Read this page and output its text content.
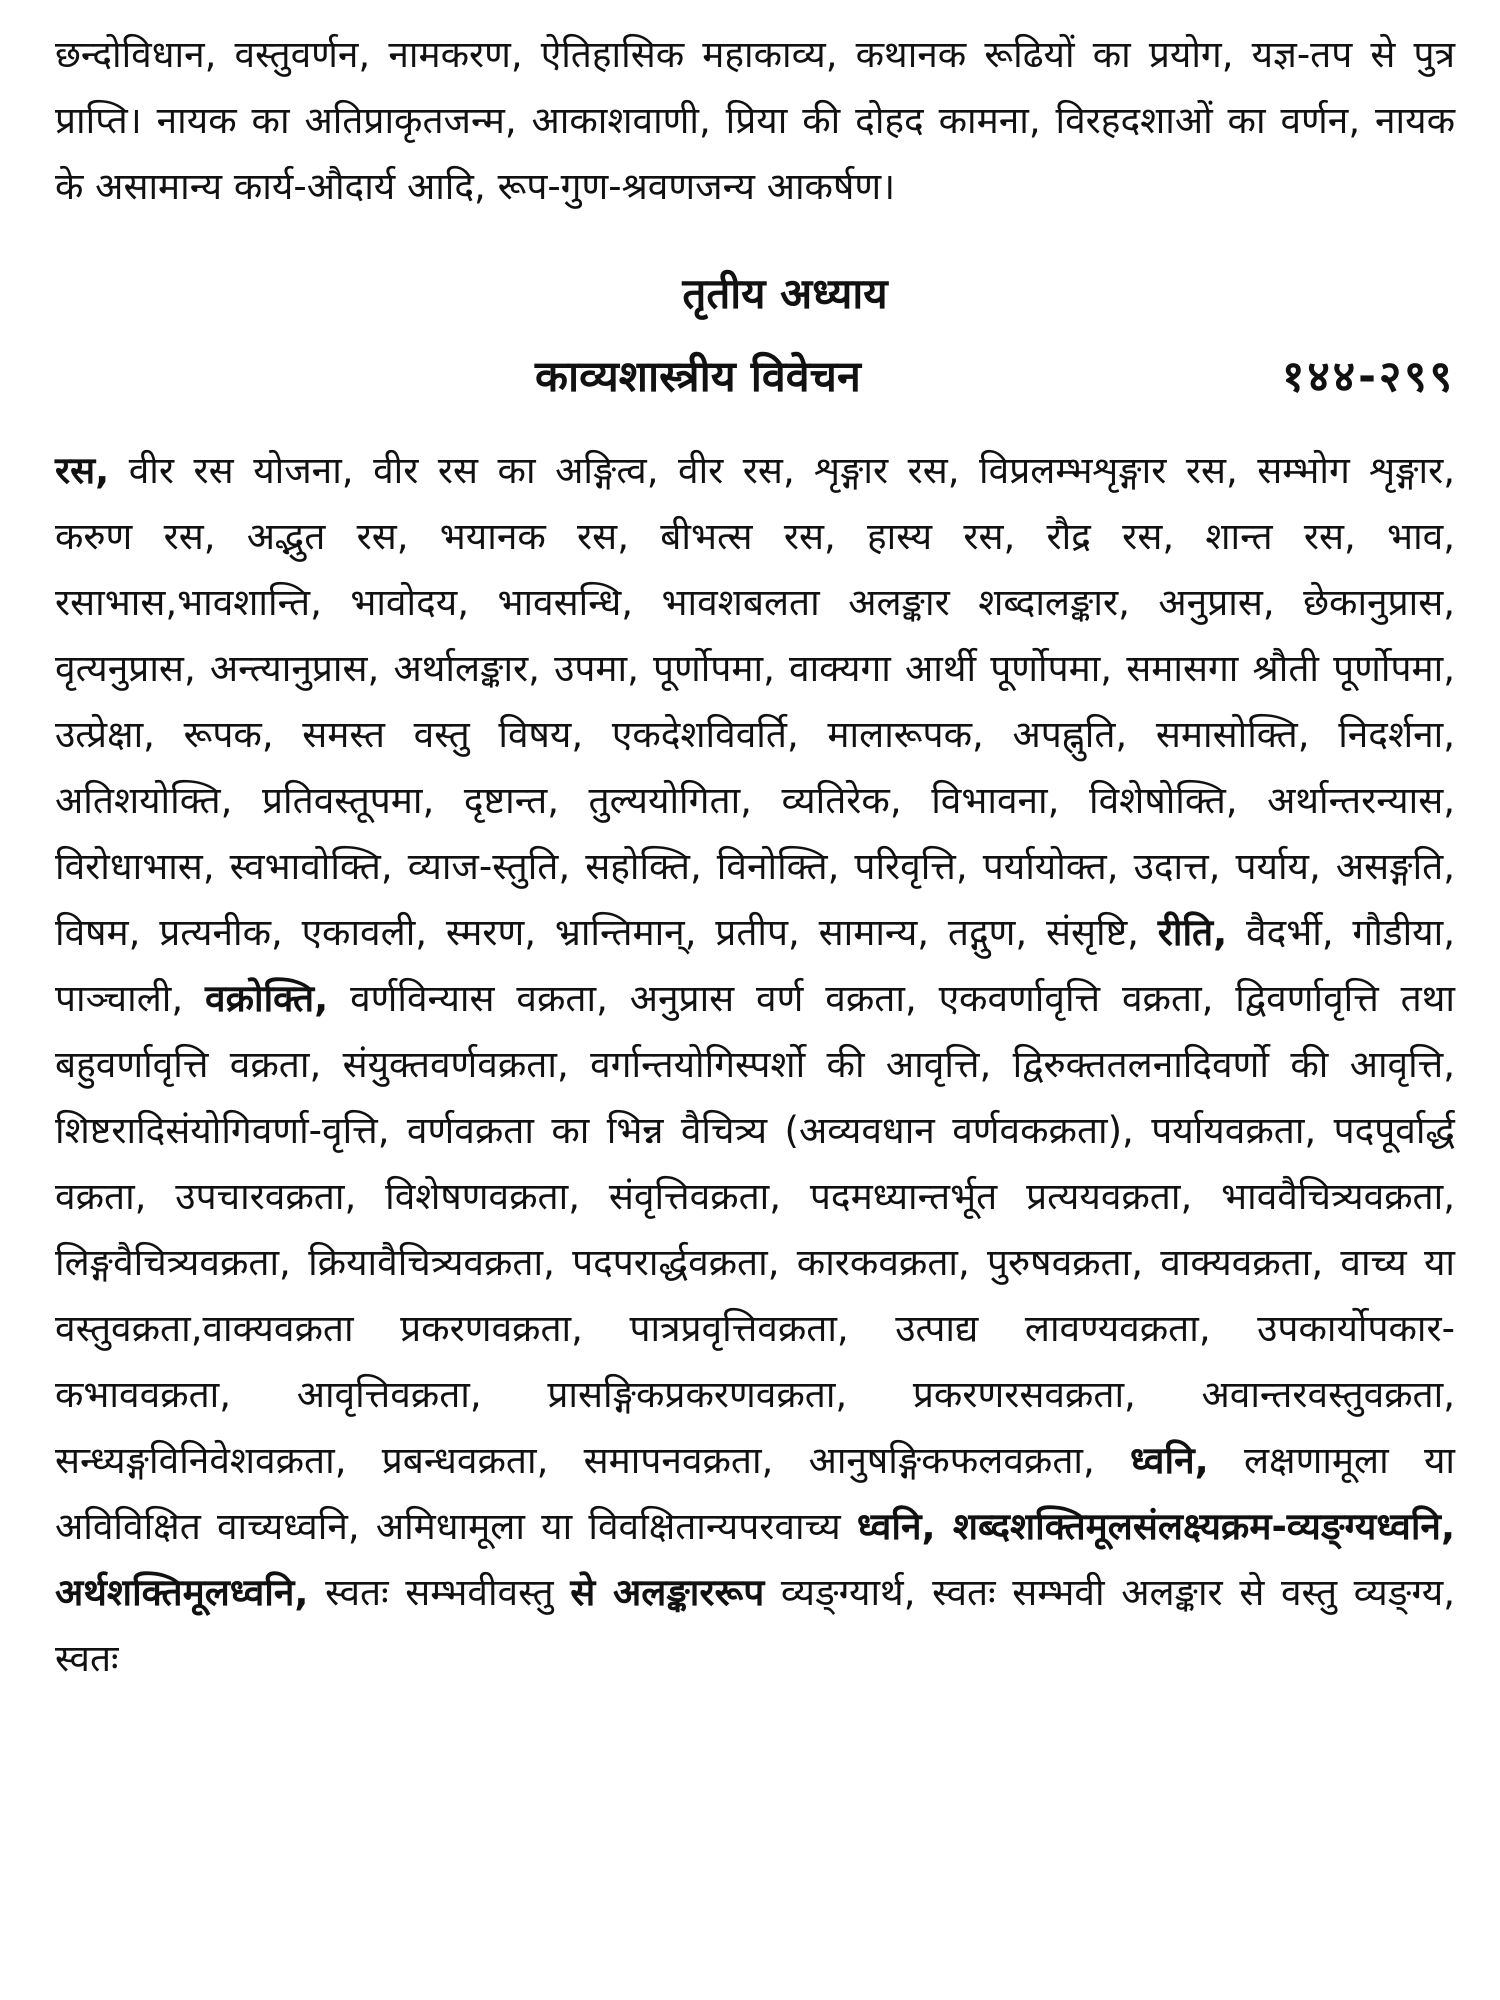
छन्दोविधान, वस्तुवर्णन, नामकरण, ऐतिहासिक महाकाव्य, कथानक रूढियों का प्रयोग, यज्ञ-तप से पुत्र प्राप्ति। नायक का अतिप्राकृतजन्म, आकाशवाणी, प्रिया की दोहद कामना, विरहदशाओं का वर्णन, नायक के असामान्य कार्य-औदार्य आदि, रूप-गुण-श्रवणजन्य आकर्षण।

तृतीय अध्याय
काव्यशास्त्रीय विवेचन	१४४-२९९

रस, वीर रस योजना, वीर रस का अङ्गित्व, वीर रस, शृङ्गार रस, विप्रलम्भशृङ्गार रस, सम्भोग शृङ्गार, करुण रस, अद्भुत रस, भयानक रस, बीभत्स रस, हास्य रस, रौद्र रस, शान्त रस, भाव, रसाभास,भावशान्ति, भावोदय, भावसन्धि, भावशबलता अलङ्कार शब्दालङ्कार, अनुप्रास, छेकानुप्रास, वृत्यनुप्रास, अन्त्यानुप्रास, अर्थालङ्कार, उपमा, पूर्णोपमा, वाक्यगा आर्थी पूर्णोपमा, समासगा श्रौती पूर्णोपमा, उत्प्रेक्षा, रूपक, समस्त वस्तु विषय, एकदेशविवर्ति, मालारूपक, अपह्नुति, समासोक्ति, निदर्शना, अतिशयोक्ति, प्रतिवस्तूपमा, दृष्टान्त, तुल्ययोगिता, व्यतिरेक, विभावना, विशेषोक्ति, अर्थान्तरन्यास, विरोधाभास, स्वभावोक्ति, व्याज-स्तुति, सहोक्ति, विनोक्ति, परिवृत्ति, पर्यायोक्त, उदात्त, पर्याय, असङ्गति, विषम, प्रत्यनीक, एकावली, स्मरण, भ्रान्तिमान्, प्रतीप, सामान्य, तद्गुण, संसृष्टि, रीति, वैदर्भी, गौडीया, पाञ्चाली, वक्रोक्ति, वर्णविन्यास वक्रता, अनुप्रास वर्ण वक्रता, एकवर्णावृत्ति वक्रता, द्विवर्णावृत्ति तथा बहुवर्णावृत्ति वक्रता, संयुक्तवर्णवक्रता, वर्गान्तयोगिस्पर्शो की आवृत्ति, द्विरुक्ततलनादिवर्णो की आवृत्ति, शिष्टरादिसंयोगिवर्णा-वृत्ति, वर्णवक्रता का भिन्न वैचित्र्य (अव्यवधान वर्णवकक्रता), पर्यायवक्रता, पदपूर्वार्द्ध वक्रता, उपचारवक्रता, विशेषणवक्रता, संवृत्तिवक्रता, पदमध्यान्तर्भूत प्रत्ययवक्रता, भाववैचित्र्यवक्रता, लिङ्गवैचित्र्यवक्रता, क्रियावैचित्र्यवक्रता, पदपरार्द्धवक्रता, कारकवक्रता, पुरुषवक्रता, वाक्यवक्रता, वाच्य या वस्तुवक्रता,वाक्यवक्रता प्रकरणवक्रता, पात्रप्रवृत्तिवक्रता, उत्पाद्य लावण्यवक्रता, उपकार्योपकार-कभाववक्रता, आवृत्तिवक्रता, प्रासङ्गिकप्रकरणवक्रता, प्रकरणरसवक्रता, अवान्तरवस्तुवक्रता, सन्ध्यङ्गविनिवेशवक्रता, प्रबन्धवक्रता, समापनवक्रता, आनुषङ्गिकफलवक्रता, ध्वनि, लक्षणामूला या अविविक्षित वाच्यध्वनि, अमिधामूला या विवक्षितान्यपरवाच्य ध्वनि, शब्दशक्तिमूलसंलक्ष्यक्रम-व्यङ्ग्यध्वनि, अर्थशक्तिमूलध्वनि, स्वतः सम्भवीवस्तु से अलङ्काररूप व्यङ्ग्यार्थ, स्वतः सम्भवी अलङ्कार से वस्तु व्यङ्ग्य, स्वतः
